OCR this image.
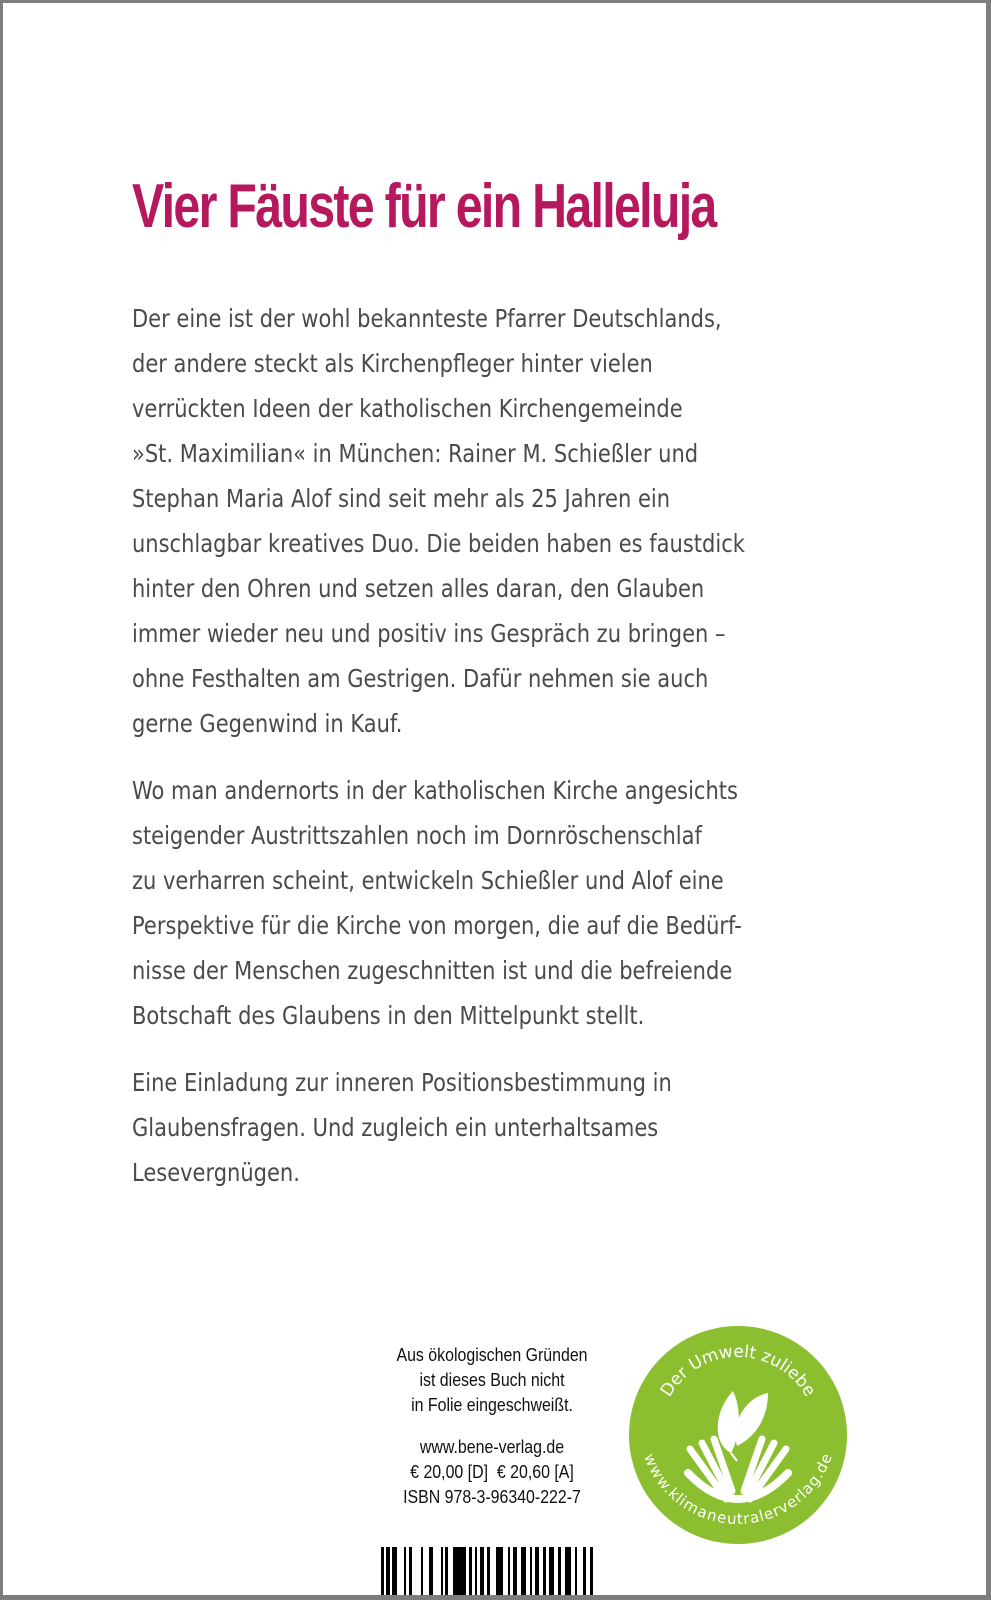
Vier Fäuste für ein Halleluja
Der eine ist der wohl bekannteste Pfarrer Deutschlands,
der andere steckt als Kirchenpfleger hinter vielen
verrückten Ideen der katholischen Kirchengemeinde
»St. Maximilian« in München: Rainer M. Schießler und
Stephan Maria Alof sind seit mehr als 25 Jahren ein
unschlagbar kreatives Duo. Die beiden haben es faustdick
hinter den Ohren und setzen alles daran, den Glauben
immer wieder neu und positiv ins Gespräch zu bringen –
ohne Festhalten am Gestrigen. Dafür nehmen sie auch
gerne Gegenwind in Kauf.
Wo man andernorts in der katholischen Kirche angesichts
steigender Austrittszahlen noch im Dornröschenschlaf
zu verharren scheint, entwickeln Schießler und Alof eine
Perspektive für die Kirche von morgen, die auf die Bedürf-
nisse der Menschen zugeschnitten ist und die befreiende
Botschaft des Glaubens in den Mittelpunkt stellt.
Eine Einladung zur inneren Positionsbestimmung in
Glaubensfragen. Und zugleich ein unterhaltsames
Lesevergnügen.
Aus ökologischen Gründen
ist dieses Buch nicht
in Folie eingeschweißt.
www.bene-verlag.de
€ 20,00 [D]  € 20,60 [A]
ISBN 978-3-96340-222-7
Der Umwelt zuliebe
www.klimaneutralerverlag.de
